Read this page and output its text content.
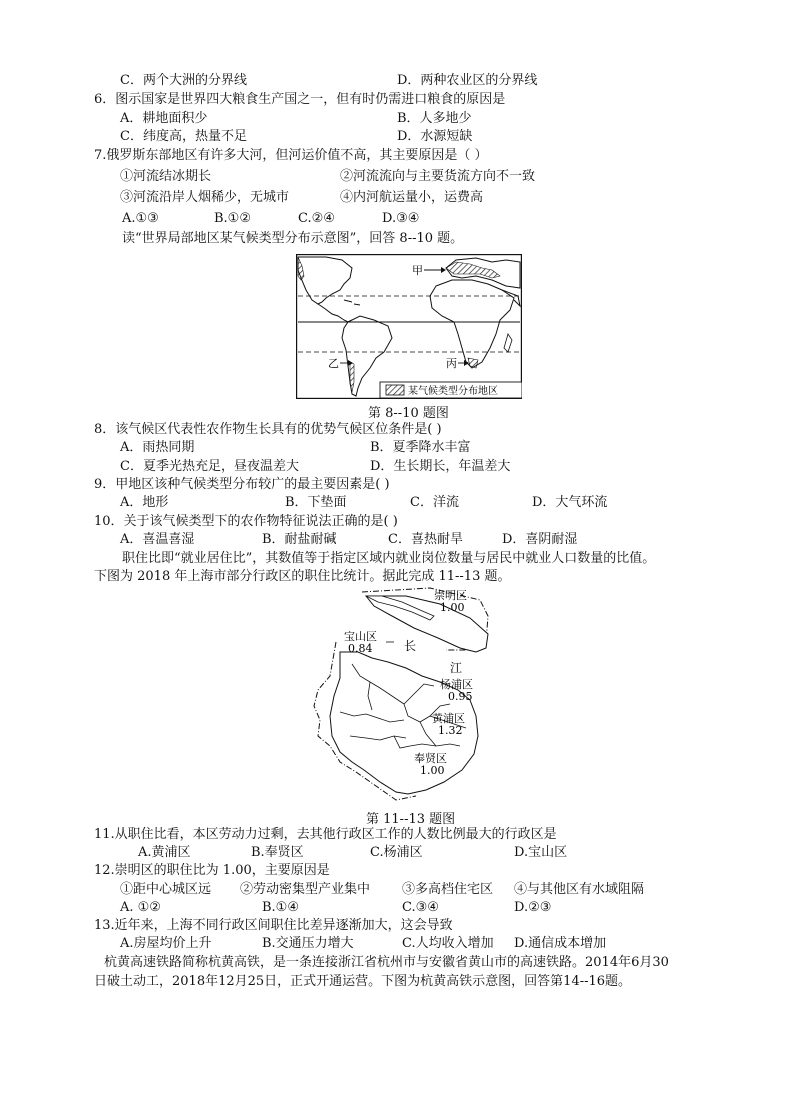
C．两个大洲的分界线	D．两种农业区的分界线
6．图示国家是世界四大粮食生产国之一，但有时仍需进口粮食的原因是
A．耕地面积少	B．人多地少
C．纬度高，热量不足	D．水源短缺
7.俄罗斯东部地区有许多大河，但河运价值不高，其主要原因是（ ）
①河流结冰期长	②河流流向与主要货流方向不一致
③河流沿岸人烟稀少，无城市	④内河航运量小，运费高
A.①③	B.①②	C.②④	D.③④
读“世界局部地区某气候类型分布示意图”，回答 8--10 题。
甲
乙	丙
某气候类型分布地区
第 8--10 题图
8．该气候区代表性农作物生长具有的优势气候区位条件是( )
A．雨热同期	B．夏季降水丰富
C．夏季光热充足，昼夜温差大	D．生长期长，年温差大
9．甲地区该种气候类型分布较广的最主要因素是( )
A．地形	B．下垫面	C．洋流	D．大气环流
10．关于该气候类型下的农作物特征说法正确的是( )
A．喜温喜湿	B．耐盐耐碱	C．喜热耐旱	D．喜阴耐湿
职住比即“就业居住比”，其数值等于指定区域内就业岗位数量与居民中就业人口数量的比值。
下图为 2018 年上海市部分行政区的职住比统计。据此完成 11--13 题。
崇明区
1.00
宝山区
0.84	长
江
杨浦区
0.95
黄浦区
1.32
奉贤区
1.00
第 11--13 题图
11.从职住比看，本区劳动力过剩，去其他行政区工作的人数比例最大的行政区是
A.黄浦区	B.奉贤区	C.杨浦区	D.宝山区
12.崇明区的职住比为 1.00，主要原因是
①距中心城区远 ②劳动密集型产业集中 ③多高档住宅区 ④与其他区有水域阻隔
A. ①②	B.①④	C.③④	D.②③
13.近年来，上海不同行政区间职住比差异逐渐加大，这会导致
A.房屋均价上升	B.交通压力增大	C.人均收入增加 D.通信成本增加
杭黄高速铁路简称杭黄高铁，是一条连接浙江省杭州市与安徽省黄山市的高速铁路。2014年6月30
日破土动工，2018年12月25日，正式开通运营。下图为杭黄高铁示意图，回答第14--16题。
